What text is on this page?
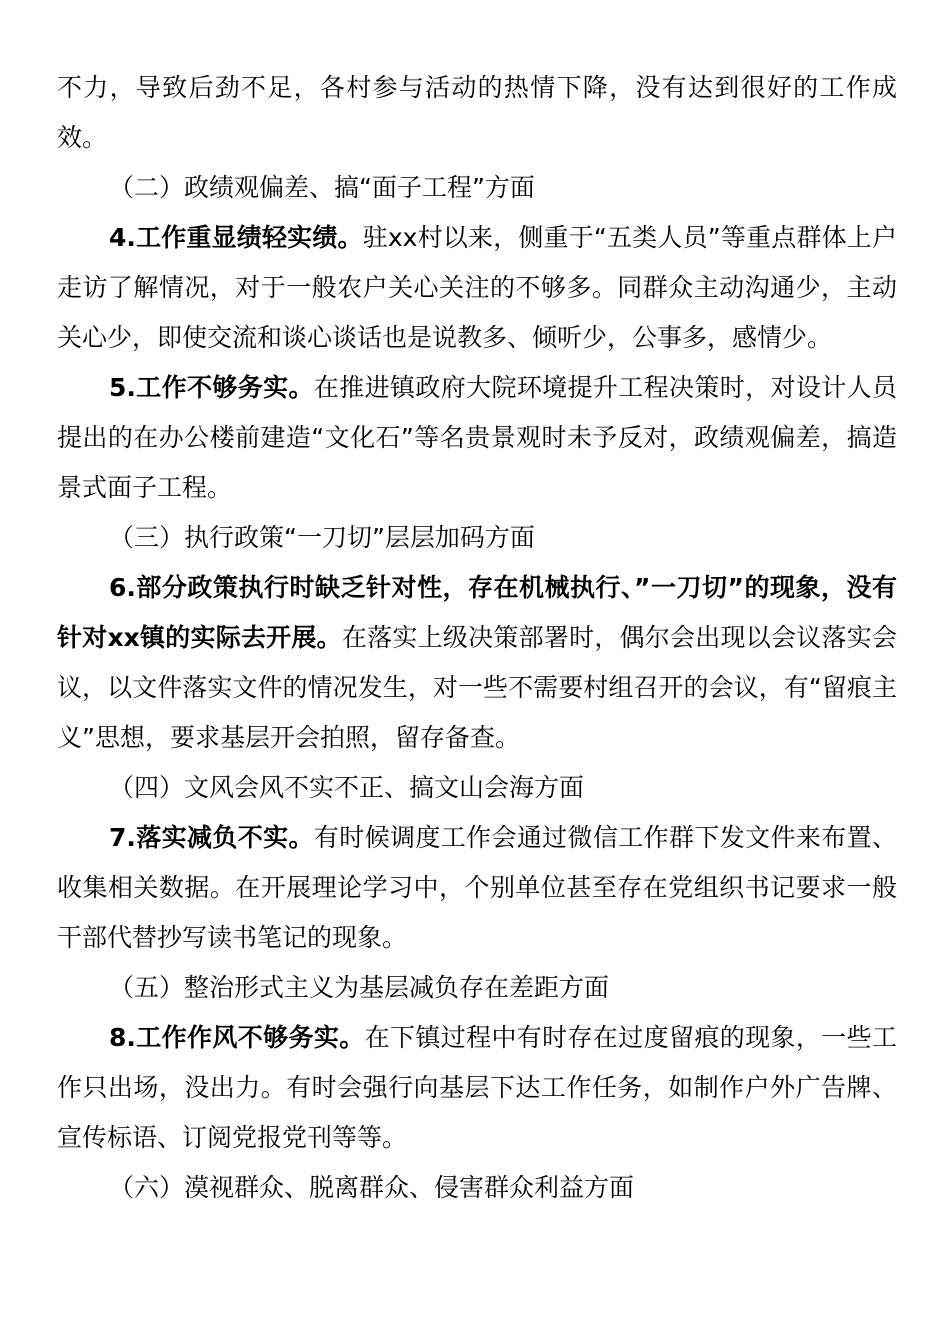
不力，导致后劲不足，各村参与活动的热情下降，没有达到很好的工作成效。

（二）政绩观偏差、搞“面子工程”方面

4.工作重显绩轻实绩。驻xx村以来，侧重于“五类人员”等重点群体上户走访了解情况，对于一般农户关心关注的不够多。同群众主动沟通少，主动关心少，即使交流和谈心谈话也是说教多、倾听少，公事多，感情少。

5.工作不够务实。在推进镇政府大院环境提升工程决策时，对设计人员提出的在办公楼前建造“文化石”等名贵景观时未予反对，政绩观偏差，搞造景式面子工程。

（三）执行政策“一刀切”层层加码方面

6.部分政策执行时缺乏针对性，存在机械执行、”一刀切”的现象，没有针对xx镇的实际去开展。在落实上级决策部署时，偶尔会出现以会议落实会议，以文件落实文件的情况发生，对一些不需要村组召开的会议，有“留痕主义”思想，要求基层开会拍照，留存备查。

（四）文风会风不实不正、搞文山会海方面

7.落实减负不实。有时候调度工作会通过微信工作群下发文件来布置、收集相关数据。在开展理论学习中，个别单位甚至存在党组织书记要求一般干部代替抄写读书笔记的现象。

（五）整治形式主义为基层减负存在差距方面

8.工作作风不够务实。在下镇过程中有时存在过度留痕的现象，一些工作只出场，没出力。有时会强行向基层下达工作任务，如制作户外广告牌、宣传标语、订阅党报党刊等等。

（六）漠视群众、脱离群众、侵害群众利益方面
